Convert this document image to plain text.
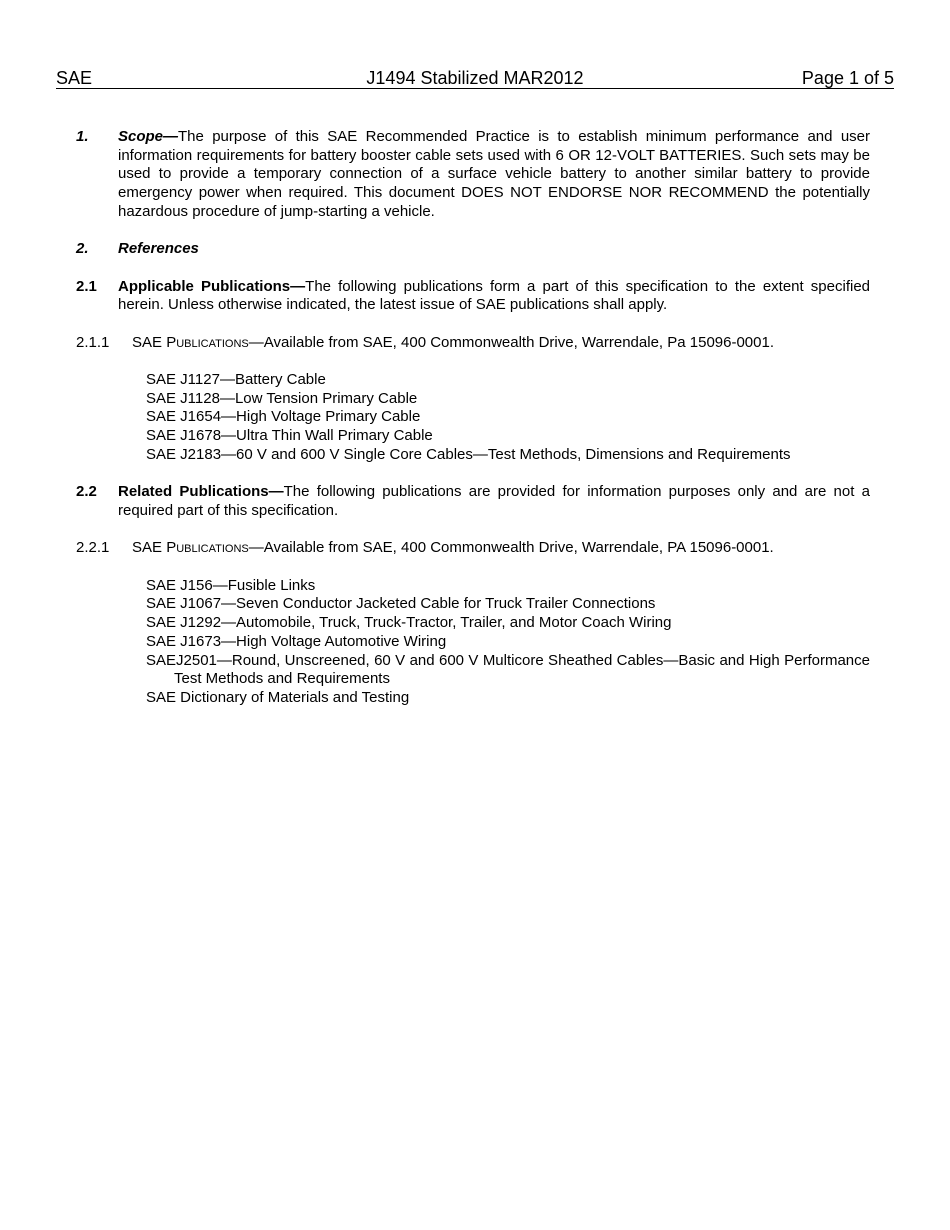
SAE	J1494 Stabilized MAR2012	Page 1 of 5
1. Scope—The purpose of this SAE Recommended Practice is to establish minimum performance and user information requirements for battery booster cable sets used with 6 OR 12-VOLT BATTERIES. Such sets may be used to provide a temporary connection of a surface vehicle battery to another similar battery to provide emergency power when required. This document DOES NOT ENDORSE NOR RECOMMEND the potentially hazardous procedure of jump-starting a vehicle.
2. References
2.1 Applicable Publications—The following publications form a part of this specification to the extent specified herein. Unless otherwise indicated, the latest issue of SAE publications shall apply.
2.1.1 SAE Publications—Available from SAE, 400 Commonwealth Drive, Warrendale, Pa 15096-0001.
SAE J1127—Battery Cable
SAE J1128—Low Tension Primary Cable
SAE J1654—High Voltage Primary Cable
SAE J1678—Ultra Thin Wall Primary Cable
SAE J2183—60 V and 600 V Single Core Cables—Test Methods, Dimensions and Requirements
2.2 Related Publications—The following publications are provided for information purposes only and are not a required part of this specification.
2.2.1 SAE Publications—Available from SAE, 400 Commonwealth Drive, Warrendale, PA 15096-0001.
SAE J156—Fusible Links
SAE J1067—Seven Conductor Jacketed Cable for Truck Trailer Connections
SAE J1292—Automobile, Truck, Truck-Tractor, Trailer, and Motor Coach Wiring
SAE J1673—High Voltage Automotive Wiring
SAEJ2501—Round, Unscreened, 60 V and 600 V Multicore Sheathed Cables—Basic and High Performance Test Methods and Requirements
SAE Dictionary of Materials and Testing
